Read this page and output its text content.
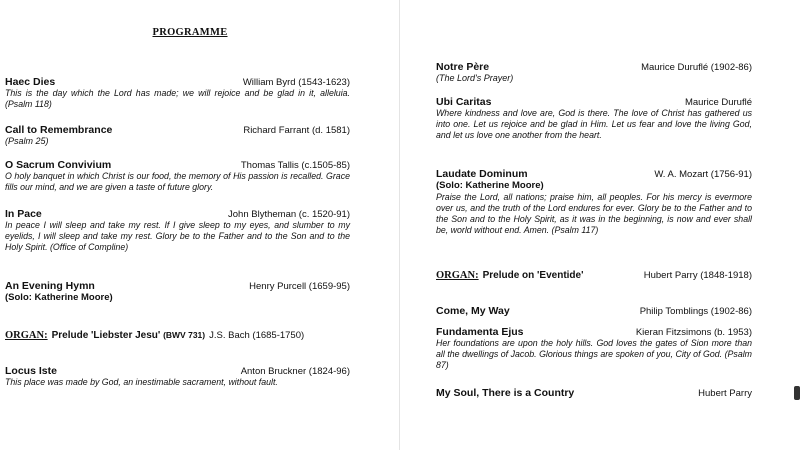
PROGRAMME
Haec Dies	William Byrd (1543-1623)
This is the day which the Lord has made; we will rejoice and be glad in it, alleluia. (Psalm 118)
Call to Remembrance	Richard Farrant (d. 1581)
(Psalm 25)
O Sacrum Convivium	Thomas Tallis (c.1505-85)
O holy banquet in which Christ is our food, the memory of His passion is recalled. Grace fills our mind, and we are given a taste of future glory.
In Pace	John Blytheman (c. 1520-91)
In peace I will sleep and take my rest. If I give sleep to my eyes, and slumber to my eyelids, I will sleep and take my rest. Glory be to the Father and to the Son and to the Holy Spirit. (Office of Compline)
An Evening Hymn	Henry Purcell (1659-95)
(Solo: Katherine Moore)
ORGAN: Prelude 'Liebster Jesu' (BWV 731) J.S. Bach (1685-1750)
Locus Iste	Anton Bruckner (1824-96)
This place was made by God, an inestimable sacrament, without fault.
Notre Père	Maurice Duruflé (1902-86)
(The Lord's Prayer)
Ubi Caritas	Maurice Duruflé
Where kindness and love are, God is there. The love of Christ has gathered us into one. Let us rejoice and be glad in Him. Let us fear and love the living God, and let us love one another from the heart.
Laudate Dominum	W. A. Mozart (1756-91)
(Solo: Katherine Moore)
Praise the Lord, all nations; praise him, all peoples. For his mercy is evermore over us, and the truth of the Lord endures for ever. Glory be to the Father and to the Son and to the Holy Spirit, as it was in the beginning, is now and ever shall be, world without end. Amen. (Psalm 117)
ORGAN: Prelude on 'Eventide'	Hubert Parry (1848-1918)
Come, My Way	Philip Tomblings (1902-86)
Fundamenta Ejus	Kieran Fitzsimons (b. 1953)
Her foundations are upon the holy hills. God loves the gates of Sion more than all the dwellings of Jacob. Glorious things are spoken of you, City of God. (Psalm 87)
My Soul, There is a Country	Hubert Parry
